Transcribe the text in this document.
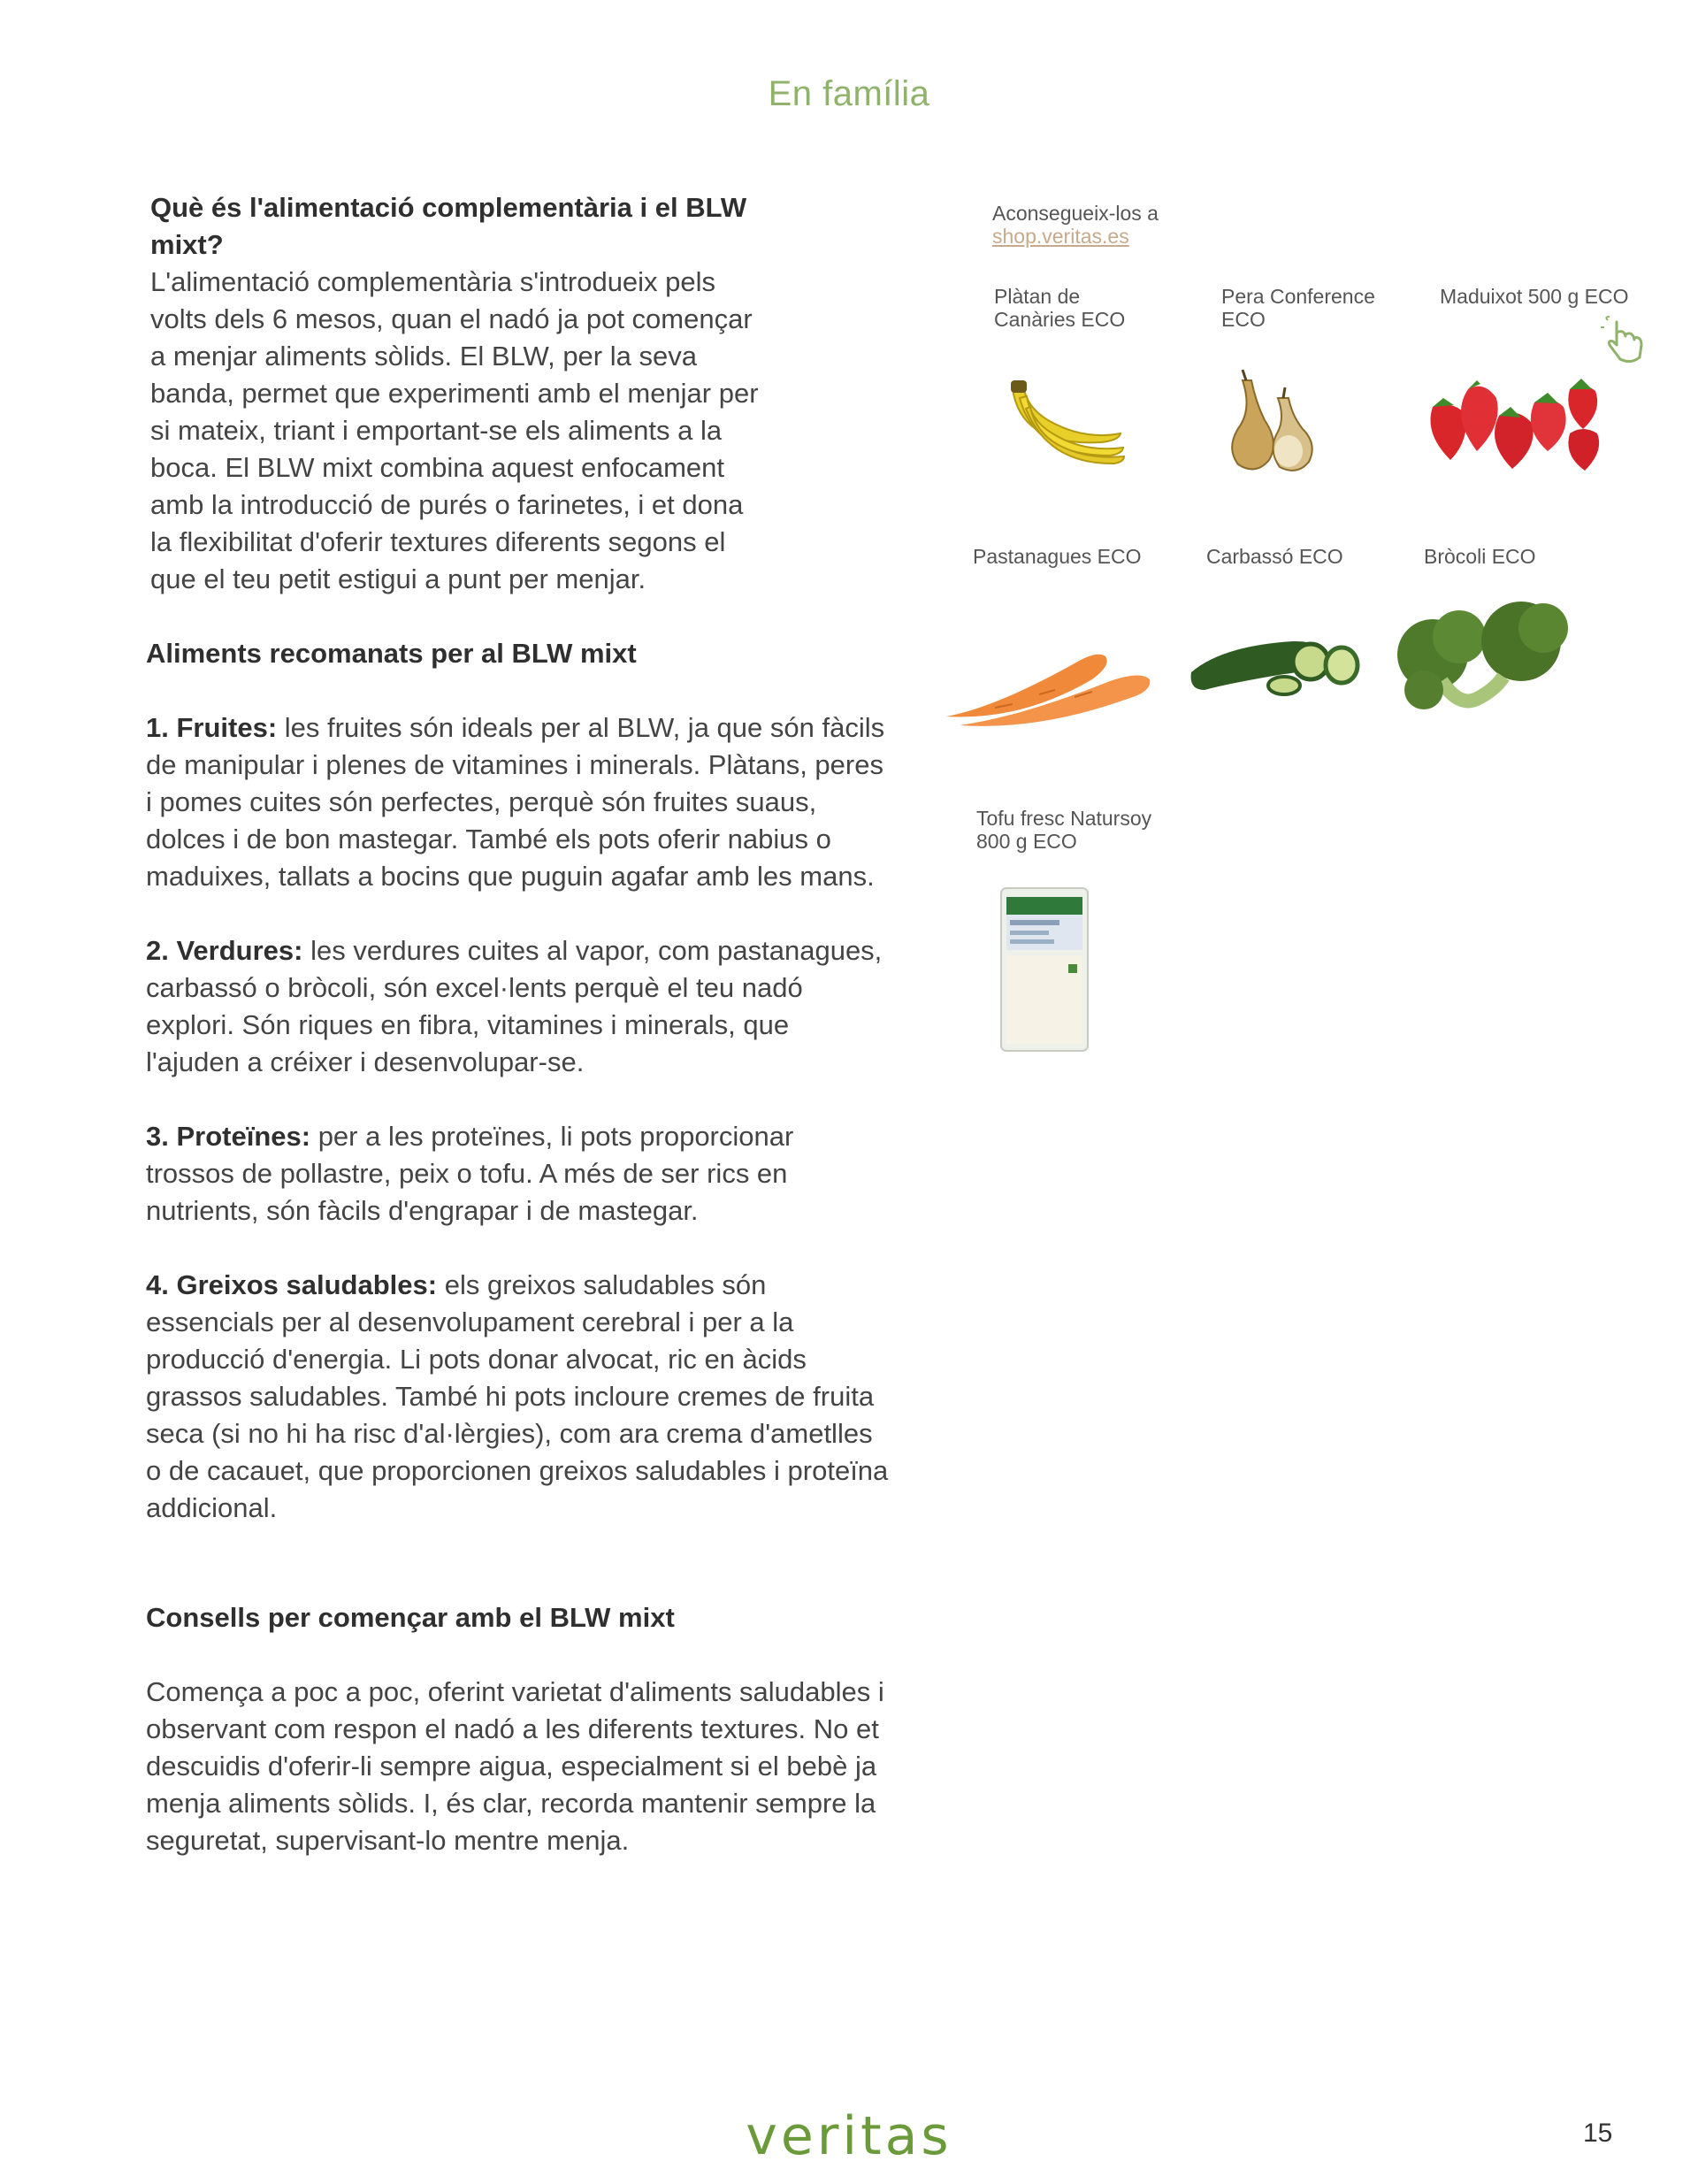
En família

Què és l'alimentació complementària i el BLW mixt?

L'alimentació complementària s'introdueix pels volts dels 6 mesos, quan el nadó ja pot començar a menjar aliments sòlids. El BLW, per la seva banda, permet que experimenti amb el menjar per si mateix, triant i emportant-se els aliments a la boca. El BLW mixt combina aquest enfocament amb la introducció de purés o farinetes, i et dona la flexibilitat d'oferir textures diferents segons el que el teu petit estigui a punt per menjar.

Aliments recomanats per al BLW mixt

1. Fruites: les fruites són ideals per al BLW, ja que són fàcils de manipular i plenes de vitamines i minerals. Plàtans, peres i pomes cuites són perfectes, perquè són fruites suaus, dolces i de bon mastegar. També els pots oferir nabius o maduixes, tallats a bocins que puguin agafar amb les mans.

2. Verdures: les verdures cuites al vapor, com pastanagues, carbassó o bròcoli, són excel·lents perquè el teu nadó explori. Són riques en fibra, vitamines i minerals, que l'ajuden a créixer i desenvolupar-se.

3. Proteïnes: per a les proteïnes, li pots proporcionar trossos de pollastre, peix o tofu. A més de ser rics en nutrients, són fàcils d'engrapar i de mastegar.

4. Greixos saludables: els greixos saludables són essencials per al desenvolupament cerebral i per a la producció d'energia. Li pots donar alvocat, ric en àcids grassos saludables. També hi pots incloure cremes de fruita seca (si no hi ha risc d'al·lèrgies), com ara crema d'ametlles o de cacauet, que proporcionen greixos saludables i proteïna addicional.

Consells per començar amb el BLW mixt

Comença a poc a poc, oferint varietat d'aliments saludables i observant com respon el nadó a les diferents textures. No et descuidis d'oferir-li sempre aigua, especialment si el bebè ja menja aliments sòlids. I, és clar, recorda mantenir sempre la seguretat, supervisant-lo mentre menja.

Aconsegueix-los a
shop.veritas.es
Plàtan de Canàries ECO
Pera Conference ECO
Maduixot 500 g ECO
Pastanagues ECO	Carbassó ECO	Bròcoli ECO
Tofu fresc Natursoy 800 g ECO
veritas	15
